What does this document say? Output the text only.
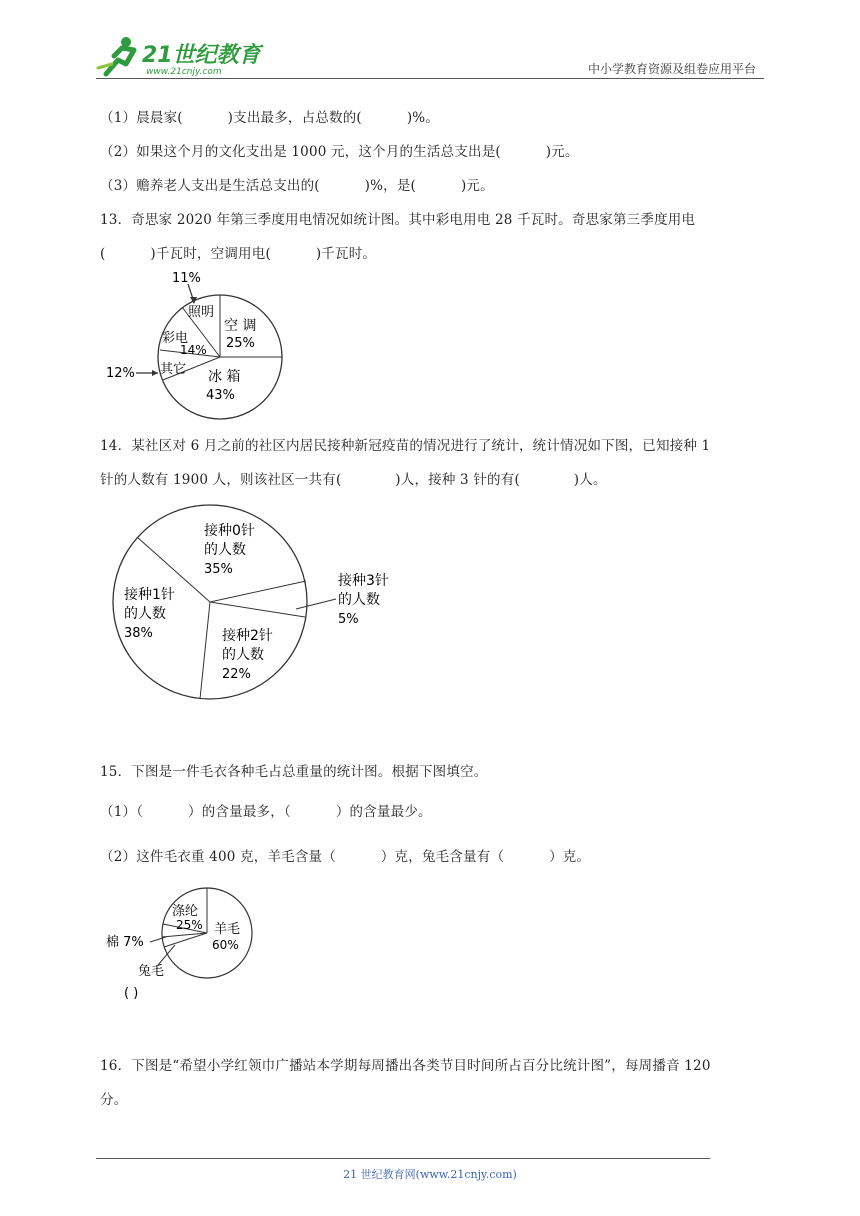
21世纪教育
www.21cnjy.com	中小学教育资源及组卷应用平台
（1）晨晨家(          )支出最多，占总数的(          )%。
（2）如果这个月的文化支出是 1000 元，这个月的生活总支出是(          )元。
（3）赡养老人支出是生活总支出的(          )%，是(          )元。
13．奇思家 2020 年第三季度用电情况如统计图。其中彩电用电 28 千瓦时。奇思家第三季度用电
(          )千瓦时，空调用电(          )千瓦时。
空 调
25%
冰 箱
43%
其它
12%
彩电
14%
照明
11%
14．某社区对 6 月之前的社区内居民接种新冠疫苗的情况进行了统计，统计情况如下图，已知接种 1
针的人数有 1900 人，则该社区一共有(            )人，接种 3 针的有(            )人。
接种0针
的人数
35%
接种3针
的人数
5%
接种2针
的人数
22%
接种1针
的人数
38%
15．下图是一件毛衣各种毛占总重量的统计图。根据下图填空。
（1）（          ）的含量最多，（          ）的含量最少。
（2）这件毛衣重 400 克，羊毛含量（          ）克，兔毛含量有（          ）克。
涤纶
25% 羊毛
60%
棉 7%
兔毛
( )
16．下图是“希望小学红领巾广播站本学期每周播出各类节目时间所占百分比统计图”，每周播音 120
分。
21 世纪教育网(www.21cnjy.com)
